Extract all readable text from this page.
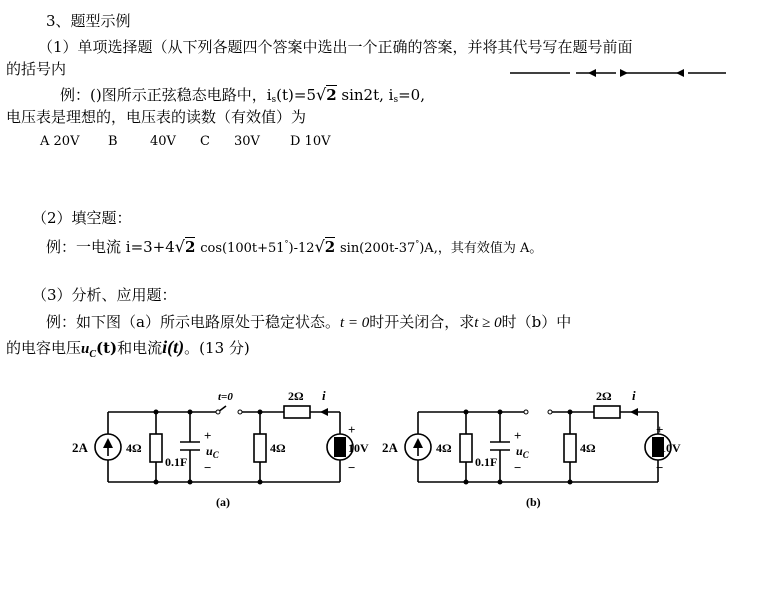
3、题型示例
（1）单项选择题（从下列各题四个答案中选出一个正确的答案，并将其代号写在题号前面
的括号内
例：()图所示正弦稳态电路中，is(t)=5√2 sin2t, is=0,
电压表是理想的，电压表的读数（有效值）为
A 20V B 40V C 30V D 10V
（2）填空题：
例：一电流 i=3+4√2 cos(100t+51°)-12√2 sin(200t-37°)A,，其有效值为 A。
（3）分析、应用题：
例：如下图（a）所示电路原处于稳定状态。t = 0时开关闭合，求t ≥ 0时（b）中
的电容电压$u_C(t)$和电流i(t)。(13 分)
2A	4Ω
0.1F
+
$u_C$
−
4Ω
2Ω i
t=0
+
10V
−
(a)
2A	4Ω
0.1F
+
$u_C$
−
4Ω
2Ω i
+
10V
−
(b)
